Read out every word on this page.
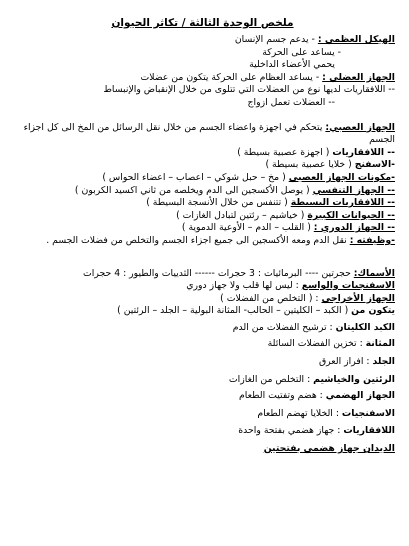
ملخص الوحدة الثالثة / تكاثر الحيوان
الهيكل العظمي : - يدعم جسم الإنسان
- يساعد على الحركة
يحمي الأعضاء الداخلية
الجهاز العضلي : - يساعد العظام على الحركة يتكون من عضلات
-- اللافقاريات لديها نوع من العضلات التي تتلوى من خلال الإنقباض والإنبساط
-- العضلات تعمل ازواج
الجهاز العصبي: يتحكم في اجهزة واعضاء الجسم من خلال نقل الرسائل من المخ الى كل اجزاء الجسم
-- اللافقاريات ( اجهزة عصبية بسيطة )
-الاسفنج ( خلايا عصبية بسيطة )
-مكونات الجهاز العصبي ( مخ – حبل شوكي – اعصاب – اعضاء الحواس )
-- الجهاز التنفسي ( يوصل الأكسجين الى الدم ويخلصه من ثاني اكسيد الكربون )
-- اللافقاريات البسيطة ( تتنفس من خلال الأنسجة البسيطة )
-- الحيوانات الكبيرة ( خياشيم – رئتين لتبادل الغازات )
-- الجهاز الدوري : ( القلب – الدم – الأوعية الدموية )
-وظيفته : نقل الدم ومعه الأكسجين الى جميع اجزاء الجسم والتخلص من فضلات الجسم .
الأسماك: حجرتين ---- البرمائيات : 3 حجرات ------ الثدييات والطيور : 4 حجرات
الاسفنجيات والواسع : ليس لها قلب ولا جهاز دوري
الجهاز الأخراجي : ( التخلص من الفضلات )
يتكون من ( الكبد – الكليتين – الحالب- المثانة البولية – الجلد – الرئتين )
الكبد الكليتان : ترشيح الفضلات من الدم
المثانة : تخزين الفضلات السائلة
الجلد : افراز العرق
الرئتين والخياشيم : التخلص من الغازات
الجهاز الهضمي : هضم وتفتيت الطعام
الاسفنجيات : الخلايا تهضم الطعام
اللافقاريات : جهاز هضمي بفتحة واحدة
الديدان جهاز هضمي بفتحتين
